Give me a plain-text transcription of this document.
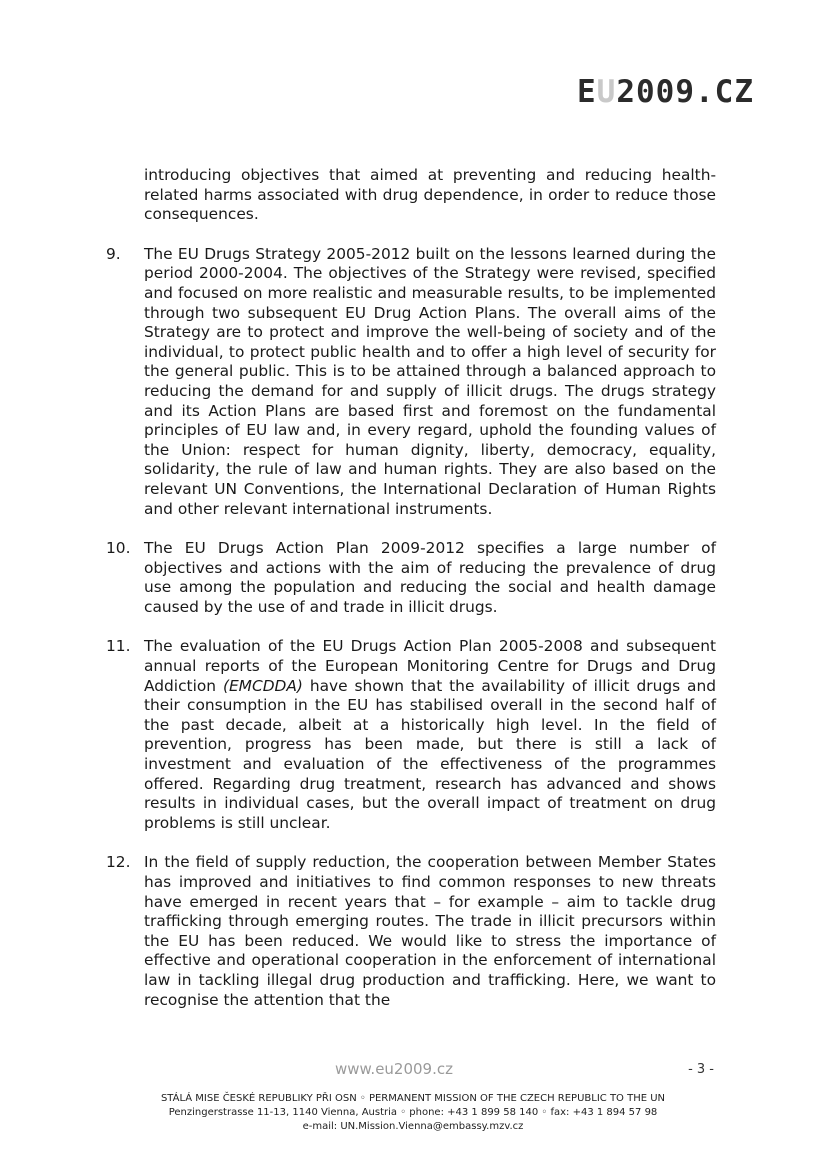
EU2009.CZ
introducing objectives that aimed at preventing and reducing health-related harms associated with drug dependence, in order to reduce those consequences.
9.	The EU Drugs Strategy 2005-2012 built on the lessons learned during the period 2000-2004. The objectives of the Strategy were revised, specified and focused on more realistic and measurable results, to be implemented through two subsequent EU Drug Action Plans. The overall aims of the Strategy are to protect and improve the well-being of society and of the individual, to protect public health and to offer a high level of security for the general public. This is to be attained through a balanced approach to reducing the demand for and supply of illicit drugs. The drugs strategy and its Action Plans are based first and foremost on the fundamental principles of EU law and, in every regard, uphold the founding values of the Union: respect for human dignity, liberty, democracy, equality, solidarity, the rule of law and human rights. They are also based on the relevant UN Conventions, the International Declaration of Human Rights and other relevant international instruments.
10. The EU Drugs Action Plan 2009-2012 specifies a large number of objectives and actions with the aim of reducing the prevalence of drug use among the population and reducing the social and health damage caused by the use of and trade in illicit drugs.
11. The evaluation of the EU Drugs Action Plan 2005-2008 and subsequent annual reports of the European Monitoring Centre for Drugs and Drug Addiction (EMCDDA) have shown that the availability of illicit drugs and their consumption in the EU has stabilised overall in the second half of the past decade, albeit at a historically high level. In the field of prevention, progress has been made, but there is still a lack of investment and evaluation of the effectiveness of the programmes offered. Regarding drug treatment, research has advanced and shows results in individual cases, but the overall impact of treatment on drug problems is still unclear.
12. In the field of supply reduction, the cooperation between Member States has improved and initiatives to find common responses to new threats have emerged in recent years that – for example – aim to tackle drug trafficking through emerging routes. The trade in illicit precursors within the EU has been reduced. We would like to stress the importance of effective and operational cooperation in the enforcement of international law in tackling illegal drug production and trafficking. Here, we want to recognise the attention that the
www.eu2009.cz	- 3 -
STÁLÁ MISE ČESKÉ REPUBLIKY PŘI OSN ◦ PERMANENT MISSION OF THE CZECH REPUBLIC TO THE UN
Penzingerstrasse 11-13, 1140 Vienna, Austria ◦ phone: +43 1 899 58 140 ◦ fax: +43 1 894 57 98
e-mail: UN.Mission.Vienna@embassy.mzv.cz
